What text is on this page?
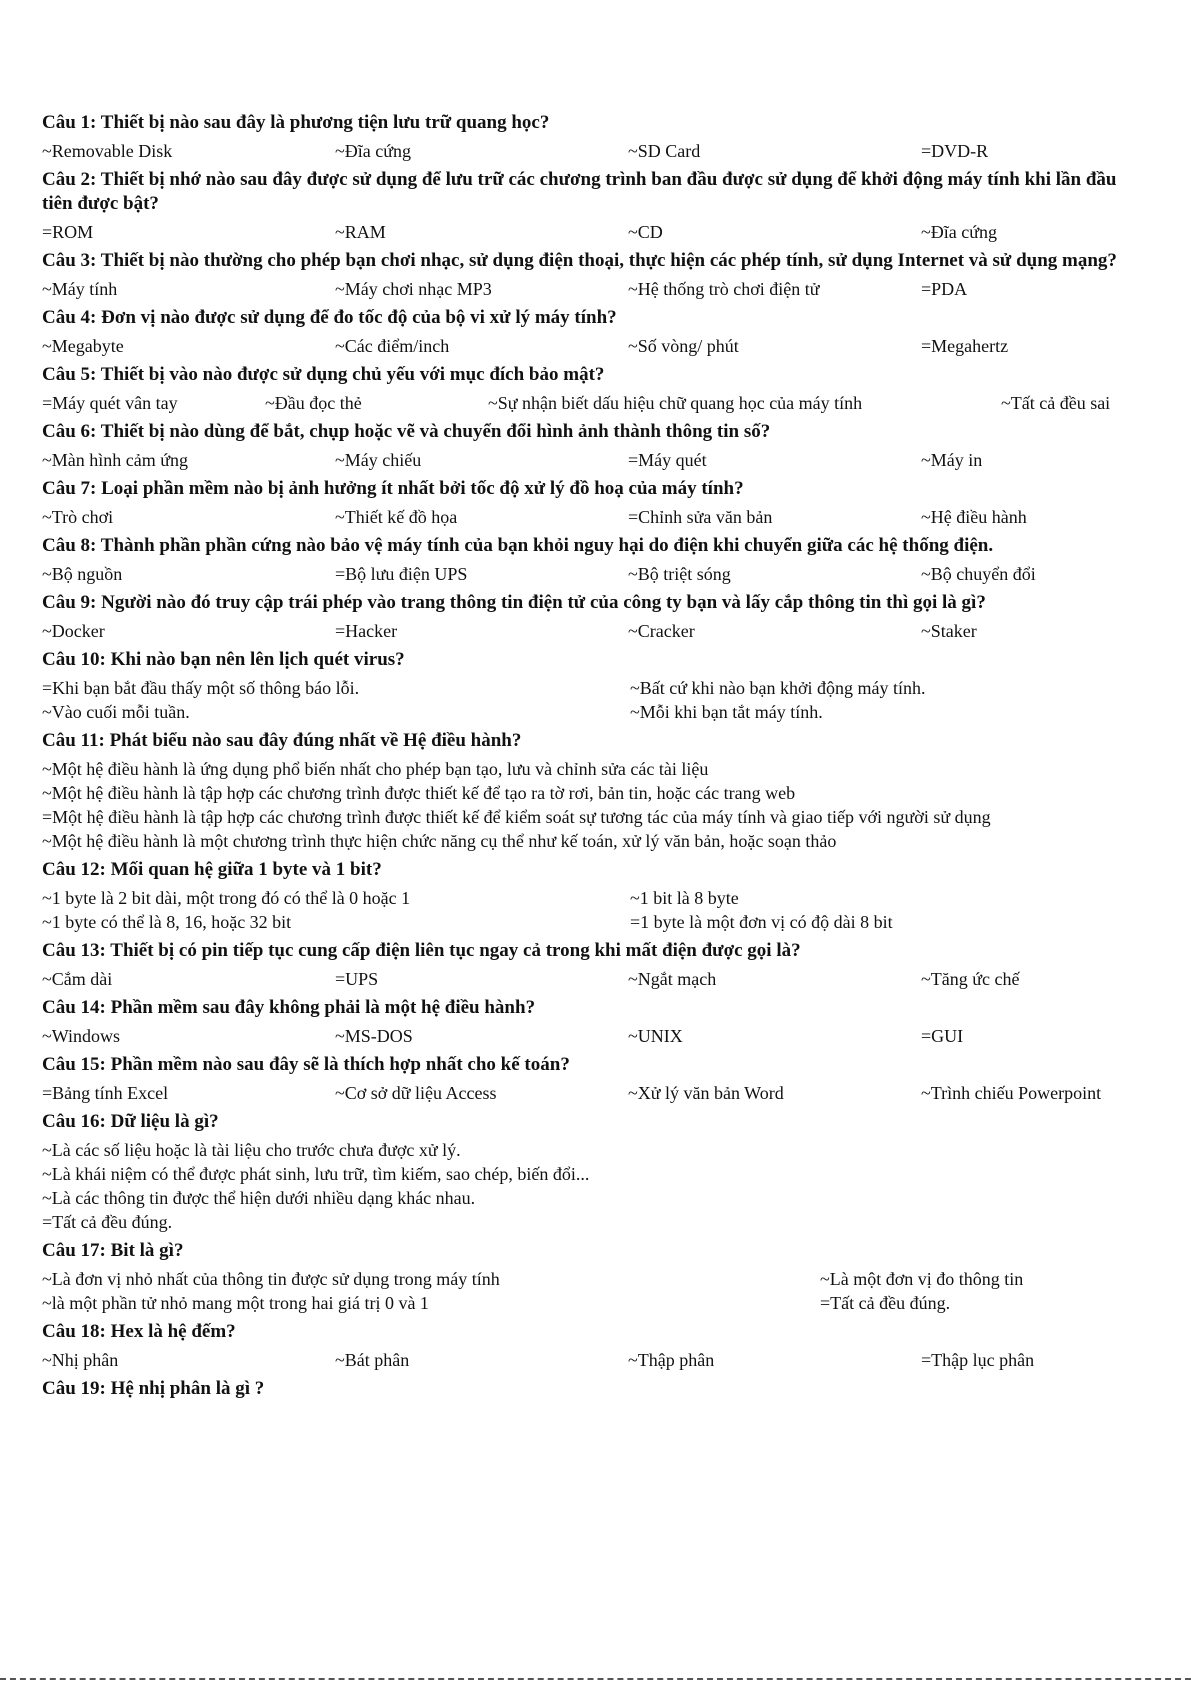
Câu 1: Thiết bị nào sau đây là phương tiện lưu trữ quang học?
~Removable Disk	~Đĩa cứng	~SD Card	=DVD-R
Câu 2: Thiết bị nhớ nào sau đây được sử dụng để lưu trữ các chương trình ban đầu được sử dụng để khởi động máy tính khi lần đầu tiên được bật?
=ROM	~RAM	~CD	~Đĩa cứng
Câu 3: Thiết bị nào thường cho phép bạn chơi nhạc, sử dụng điện thoại, thực hiện các phép tính, sử dụng Internet và sử dụng mạng?
~Máy tính	~Máy chơi nhạc MP3	~Hệ thống trò chơi điện tử	=PDA
Câu 4: Đơn vị nào được sử dụng để đo tốc độ của bộ vi xử lý máy tính?
~Megabyte	~Các điểm/inch	~Số vòng/ phút	=Megahertz
Câu 5: Thiết bị vào nào được sử dụng chủ yếu với mục đích bảo mật?
=Máy quét vân tay	~Đầu đọc thẻ	~Sự nhận biết dấu hiệu chữ quang học của máy tính	~Tất cả đều sai
Câu 6: Thiết bị nào dùng để bắt, chụp hoặc vẽ và chuyển đổi hình ảnh thành thông tin số?
~Màn hình cảm ứng	~Máy chiếu	=Máy quét	~Máy in
Câu 7: Loại phần mềm nào bị ảnh hưởng ít nhất bởi tốc độ xử lý đồ hoạ của máy tính?
~Trò chơi	~Thiết kế đồ họa	=Chỉnh sửa văn bản	~Hệ điều hành
Câu 8: Thành phần phần cứng nào bảo vệ máy tính của bạn khỏi nguy hại do điện khi chuyển giữa các hệ thống điện.
~Bộ nguồn	=Bộ lưu điện UPS	~Bộ triệt sóng	~Bộ chuyển đổi
Câu 9: Người nào đó truy cập trái phép vào trang thông tin điện tử của công ty bạn và lấy cắp thông tin thì gọi là gì?
~Docker	=Hacker	~Cracker	~Staker
Câu 10: Khi nào bạn nên lên lịch quét virus?
=Khi bạn bắt đầu thấy một số thông báo lỗi.	~Bất cứ khi nào bạn khởi động máy tính.
~Vào cuối mỗi tuần.	~Mỗi khi bạn tắt máy tính.
Câu 11: Phát biểu nào sau đây đúng nhất về Hệ điều hành?
~Một hệ điều hành là ứng dụng phổ biến nhất cho phép bạn tạo, lưu và chỉnh sửa các tài liệu
~Một hệ điều hành là tập hợp các chương trình được thiết kế để tạo ra tờ rơi, bản tin, hoặc các trang web
=Một hệ điều hành là tập hợp các chương trình được thiết kế để kiểm soát sự tương tác của máy tính và giao tiếp với người sử dụng
~Một hệ điều hành là một chương trình thực hiện chức năng cụ thể như kế toán, xử lý văn bản, hoặc soạn thảo
Câu 12: Mối quan hệ giữa 1 byte và 1 bit?
~1 byte là 2 bit dài, một trong đó có thể là 0 hoặc 1	~1 bit là 8 byte
~1 byte có thể là 8, 16, hoặc 32 bit	=1 byte là một đơn vị có độ dài 8 bit
Câu 13: Thiết bị có pin tiếp tục cung cấp điện liên tục ngay cả trong khi mất điện được gọi là?
~Cắm dài	=UPS	~Ngắt mạch	~Tăng ức chế
Câu 14: Phần mềm sau đây không phải là một hệ điều hành?
~Windows	~MS-DOS	~UNIX	=GUI
Câu 15: Phần mềm nào sau đây sẽ là thích hợp nhất cho kế toán?
=Bảng tính Excel	~Cơ sở dữ liệu Access	~Xử lý văn bản Word	~Trình chiếu Powerpoint
Câu 16: Dữ liệu là gì?
~Là các số liệu hoặc là tài liệu cho trước chưa được xử lý.
~Là khái niệm có thể được phát sinh, lưu trữ, tìm kiếm, sao chép, biến đổi...
~Là các thông tin được thể hiện dưới nhiều dạng khác nhau.
=Tất cả đều đúng.
Câu 17: Bit là gì?
~Là đơn vị nhỏ nhất của thông tin được sử dụng trong máy tính	~Là một đơn vị đo thông tin
~là một phần tử nhỏ mang một trong hai giá trị 0 và 1	=Tất cả đều đúng.
Câu 18: Hex là hệ đếm?
~Nhị phân	~Bát phân	~Thập phân	=Thập lục phân
Câu 19: Hệ nhị phân là gì ?
